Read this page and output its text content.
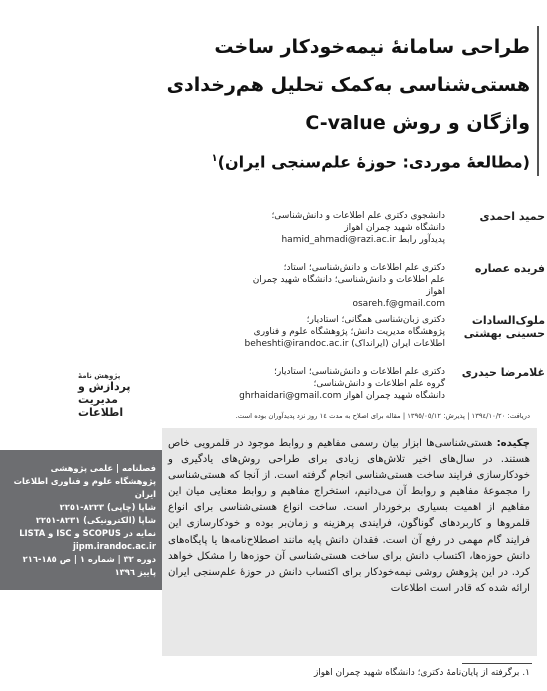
طراحی سامانۀ نیمه‌خودکار ساخت
هستی‌شناسی به‌کمک تحلیل هم‌رخدادی
واژگان و روش C-value
(مطالعۀ موردی: حوزۀ علم‌سنجی ایران)$^١$
حمید احمدی
دانشجوی دکتری علم اطلاعات و دانش‌شناسی؛
دانشگاه شهید چمران اهواز
پدیدآور رابط hamid_ahmadi@razi.ac.ir
فریده عصاره
دکتری علم اطلاعات و دانش‌شناسی؛ استاد؛
علم اطلاعات و دانش‌شناسی؛ دانشگاه شهید چمران
اهواز
osareh.f@gmail.com
ملوک‌السادات حسینی بهشتی
دکتری زبان‌شناسی همگانی؛ استادیار؛
پژوهشگاه مدیریت دانش؛ پژوهشگاه علوم و فناوری
اطلاعات ایران (ایرانداک) beheshti@irandoc.ac.ir
غلامرضا حیدری
دکتری علم اطلاعات و دانش‌شناسی؛ استادیار؛
گروه علم اطلاعات و دانش‌شناسی؛
دانشگاه شهید چمران اهواز ghrhaidari@gmail.com
دریافت: ١٣٩٤/١٠/٢٠ | پذیرش: ١٣٩٥/٠٥/١٢ | مقاله برای اصلاح به مدت ١٤ روز نزد پدیدآوران بوده است.
پژوهش نامۀ
پردازش و
مدیریت
اطلاعات
فصلنامه | علمی پژوهشی
پژوهشگاه علوم و فناوری اطلاعات ایران
شاپا (چاپی) ٨٢٢٣-٢٢٥١
شاپا (الکترونیکی) ٨٢٣١-٢٢٥١
نمایه در SCOPUS و ISC و LISTA
jipm.irandoc.ac.ir
دوره ٣٢ | شماره ١ | ص ١٨٥-٢١٦
پاییز ١٣٩٦
چکیده: هستی‌شناسی‌ها ابزار بیان رسمی مفاهیم و روابط موجود در قلمرویی خاص هستند. در سال‌های اخیر تلاش‌های زیادی برای طراحی روش‌های یادگیری و خودکارسازی فرایند ساخت هستی‌شناسی انجام گرفته است. از آنجا که هستی‌شناسی را مجموعۀ مفاهیم و روابط آن می‌دانیم، استخراج مفاهیم و روابط معنایی میان این مفاهیم از اهمیت بسیاری برخوردار است. ساخت انواع هستی‌شناسی برای انواع قلمروها و کاربردهای گوناگون، فرایندی پرهزینه و زمان‌بر بوده و خودکارسازی این فرایند گام مهمی در رفع آن است. فقدان دانش پایه مانند اصطلاح‌نامه‌ها یا پایگاه‌های دانش حوزه‌ها، اکتساب دانش برای ساخت هستی‌شناسی آن حوزه‌ها را مشکل خواهد کرد. در این پژوهش روشی نیمه‌خودکار برای اکتساب دانش در حوزۀ علم‌سنجی ایران ارائه شده که قادر است اطلاعات
١. برگرفته از پایان‌نامۀ دکتری؛ دانشگاه شهید چمران اهواز
